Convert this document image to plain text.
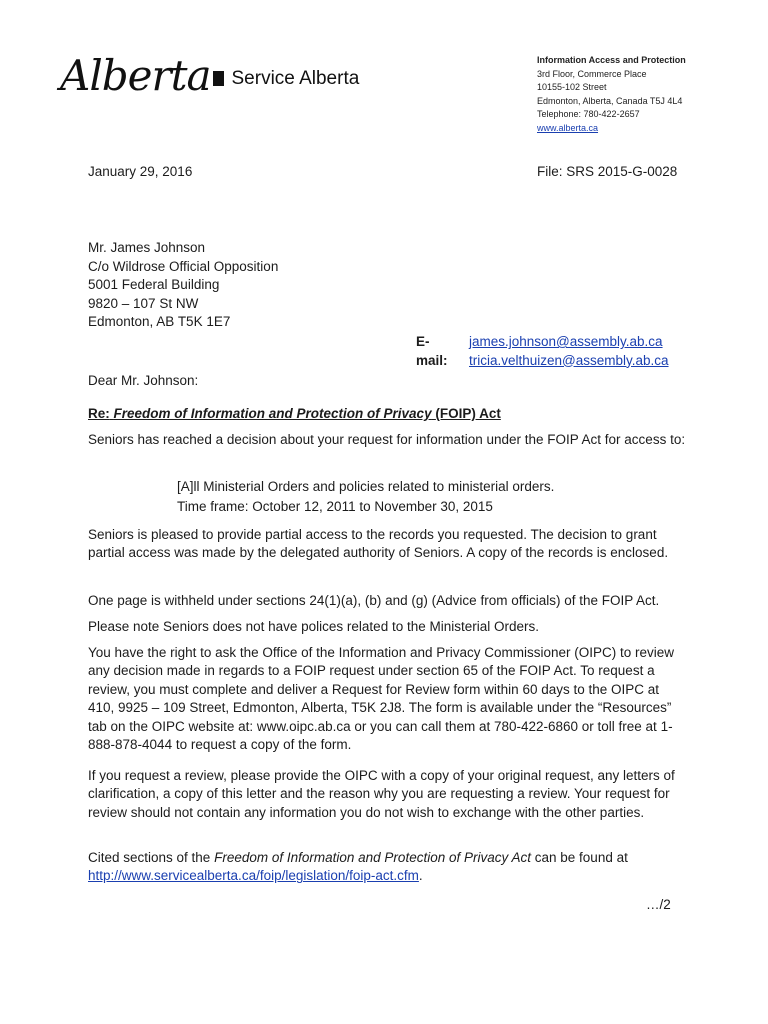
Alberta Service Alberta
Information Access and Protection
3rd Floor, Commerce Place
10155-102 Street
Edmonton, Alberta, Canada T5J 4L4
Telephone: 780-422-2657
www.alberta.ca
January 29, 2016	File: SRS 2015-G-0028
Mr. James Johnson
C/o Wildrose Official Opposition
5001 Federal Building
9820 – 107 St NW
Edmonton, AB T5K 1E7
E-mail:
james.johnson@assembly.ab.ca
tricia.velthuizen@assembly.ab.ca
Dear Mr. Johnson:
Re: Freedom of Information and Protection of Privacy (FOIP) Act
Seniors has reached a decision about your request for information under the FOIP Act for access to:
[A]ll Ministerial Orders and policies related to ministerial orders.
Time frame: October 12, 2011 to November 30, 2015
Seniors is pleased to provide partial access to the records you requested. The decision to grant partial access was made by the delegated authority of Seniors. A copy of the records is enclosed.
One page is withheld under sections 24(1)(a), (b) and (g) (Advice from officials) of the FOIP Act.
Please note Seniors does not have polices related to the Ministerial Orders.
You have the right to ask the Office of the Information and Privacy Commissioner (OIPC) to review any decision made in regards to a FOIP request under section 65 of the FOIP Act. To request a review, you must complete and deliver a Request for Review form within 60 days to the OIPC at 410, 9925 – 109 Street, Edmonton, Alberta, T5K 2J8. The form is available under the “Resources” tab on the OIPC website at: www.oipc.ab.ca or you can call them at 780-422-6860 or toll free at 1-888-878-4044 to request a copy of the form.
If you request a review, please provide the OIPC with a copy of your original request, any letters of clarification, a copy of this letter and the reason why you are requesting a review. Your request for review should not contain any information you do not wish to exchange with the other parties.
Cited sections of the Freedom of Information and Protection of Privacy Act can be found at
http://www.servicealberta.ca/foip/legislation/foip-act.cfm.
…/2
